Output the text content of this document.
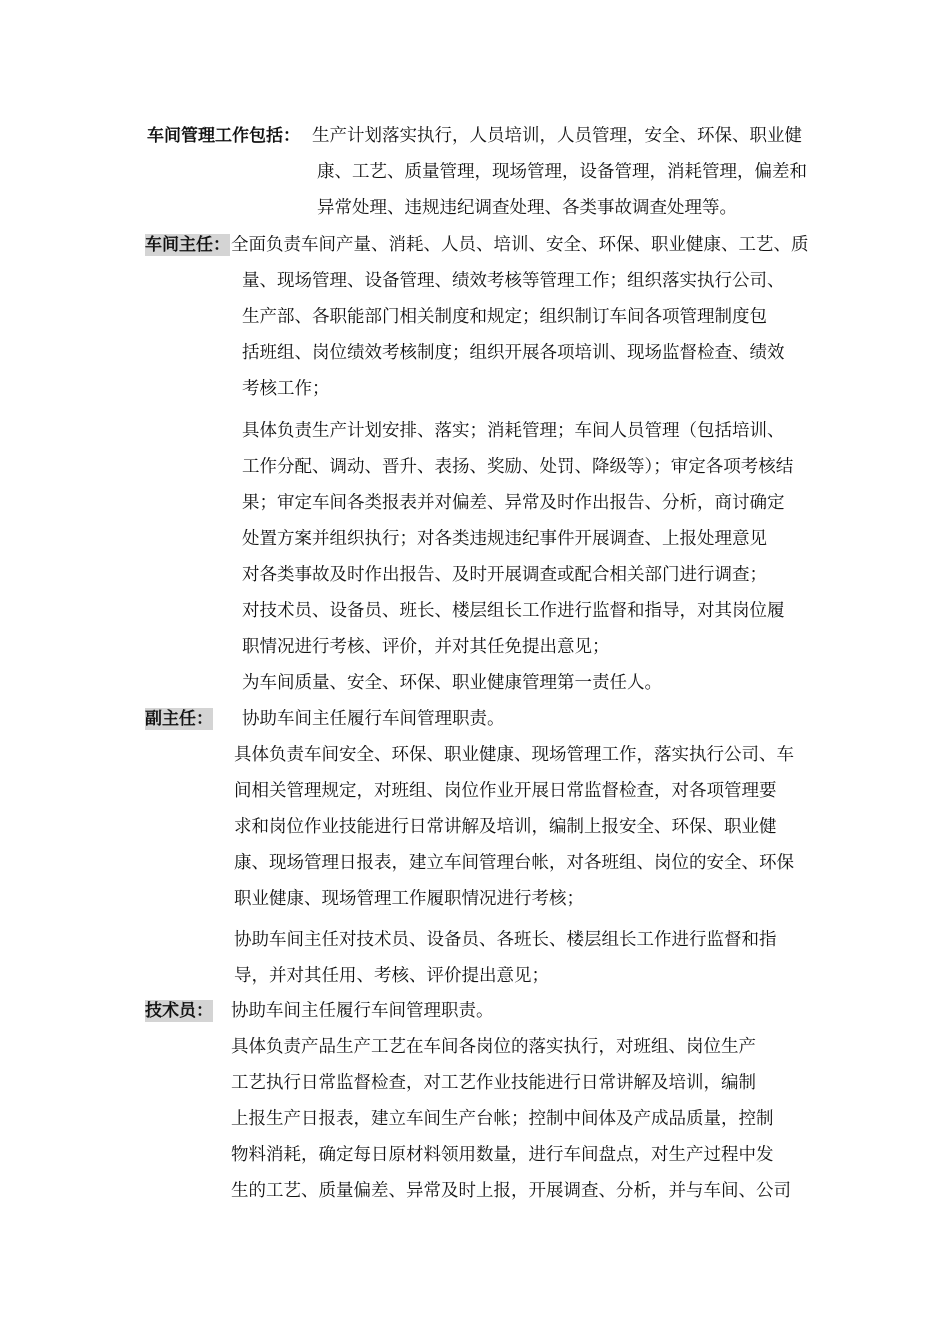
车间管理工作包括： 生产计划落实执行，人员培训，人员管理，安全、环保、职业健
康、工艺、质量管理，现场管理，设备管理，消耗管理，偏差和
异常处理、违规违纪调查处理、各类事故调查处理等。
车间主任： 全面负责车间产量、消耗、人员、培训、安全、环保、职业健康、工艺、质
量、现场管理、设备管理、绩效考核等管理工作；组织落实执行公司、
生产部、各职能部门相关制度和规定；组织制订车间各项管理制度包
括班组、岗位绩效考核制度；组织开展各项培训、现场监督检查、绩效
考核工作；
具体负责生产计划安排、落实；消耗管理；车间人员管理（包括培训、
工作分配、调动、晋升、表扬、奖励、处罚、降级等）；审定各项考核结
果；审定车间各类报表并对偏差、异常及时作出报告、分析，商讨确定
处置方案并组织执行；对各类违规违纪事件开展调查、上报处理意见
对各类事故及时作出报告、及时开展调查或配合相关部门进行调查；
对技术员、设备员、班长、楼层组长工作进行监督和指导，对其岗位履
职情况进行考核、评价，并对其任免提出意见；
为车间质量、安全、环保、职业健康管理第一责任人。
副主任： 协助车间主任履行车间管理职责。
具体负责车间安全、环保、职业健康、现场管理工作，落实执行公司、车
间相关管理规定，对班组、岗位作业开展日常监督检查，对各项管理要
求和岗位作业技能进行日常讲解及培训，编制上报安全、环保、职业健
康、现场管理日报表，建立车间管理台帐，对各班组、岗位的安全、环保
职业健康、现场管理工作履职情况进行考核；
协助车间主任对技术员、设备员、各班长、楼层组长工作进行监督和指
导，并对其任用、考核、评价提出意见；
技术员： 协助车间主任履行车间管理职责。
具体负责产品生产工艺在车间各岗位的落实执行，对班组、岗位生产
工艺执行日常监督检查，对工艺作业技能进行日常讲解及培训，编制
上报生产日报表，建立车间生产台帐；控制中间体及产成品质量，控制
物料消耗，确定每日原材料领用数量，进行车间盘点，对生产过程中发
生的工艺、质量偏差、异常及时上报，开展调查、分析，并与车间、公司
